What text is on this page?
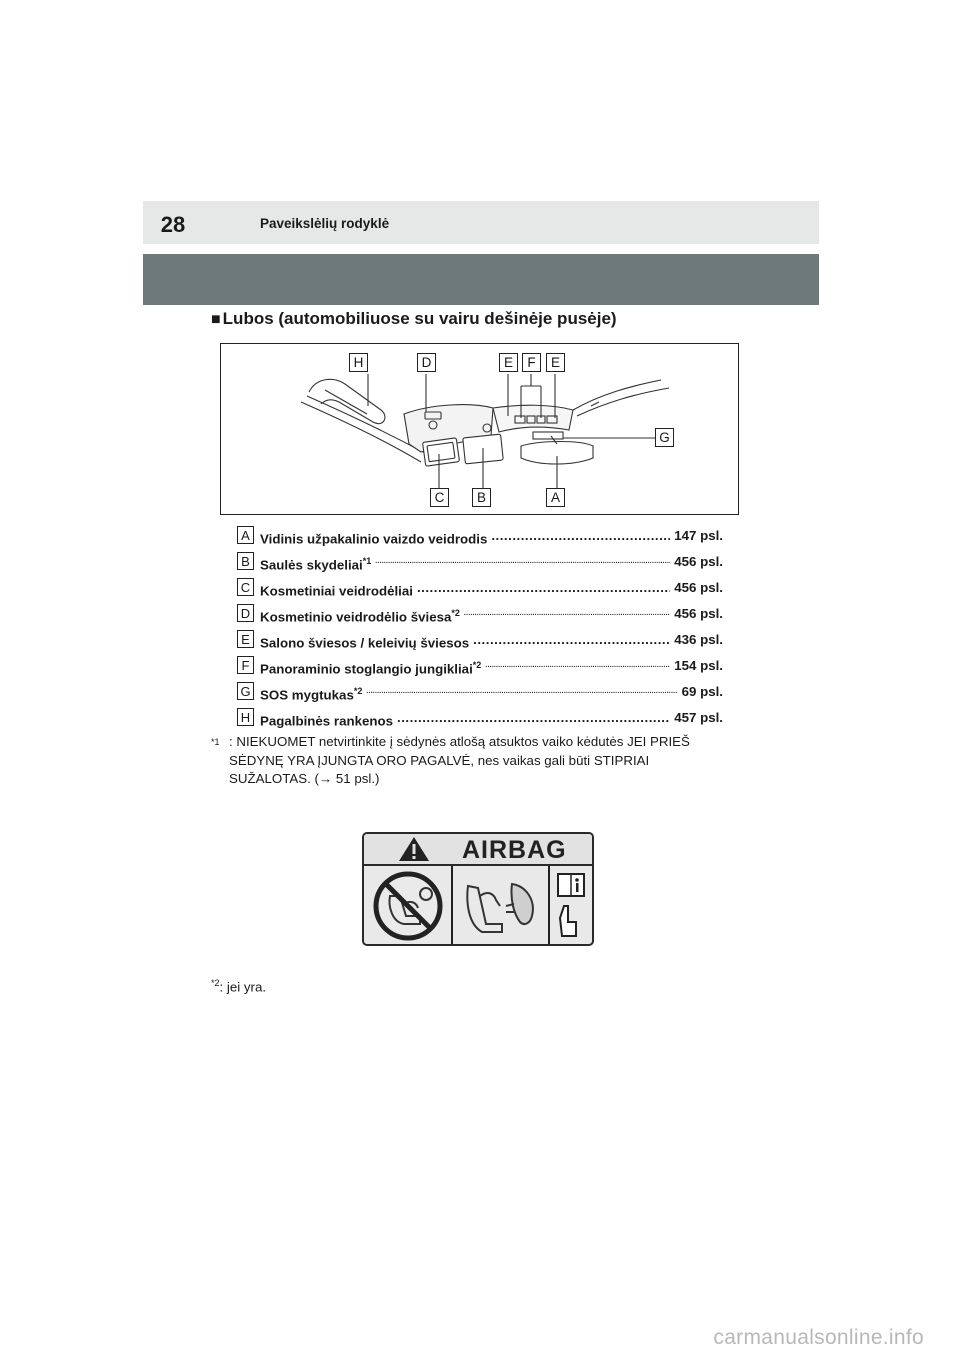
28	Paveikslėlių rodyklė
■ Lubos (automobiliuose su vairu dešinėje pusėje)
H	D	E	F	E
G
C	B	A
A Vidinis užpakalinio vaizdo veidrodis .....	147 psl.
B Saulės skydeliai$^{*1}$ .....	456 psl.
C Kosmetiniai veidrodėliai .....	456 psl.
D Kosmetinio veidrodėlio šviesa$^{*2}$ .....	456 psl.
E Salono šviesos / keleivių šviesos .....	436 psl.
F Panoraminio stoglangio jungikliai$^{*2}$ .....	154 psl.
G SOS mygtukas$^{*2}$ .....	69 psl.
H Pagalbinės rankenos .....	457 psl.
$^{*1}$ : NIEKUOMET netvirtinkite į sėdynės atlošą atsuktos vaiko kėdutės JEI PRIEŠ SĖDYNĘ YRA ĮJUNGTA ORO PAGALVĖ, nes vaikas gali būti STIPRIAI SUŽALOTAS. (→ 51 psl.)
AIRBAG
$^{*2}$: jei yra.
carmanualsonline.info
